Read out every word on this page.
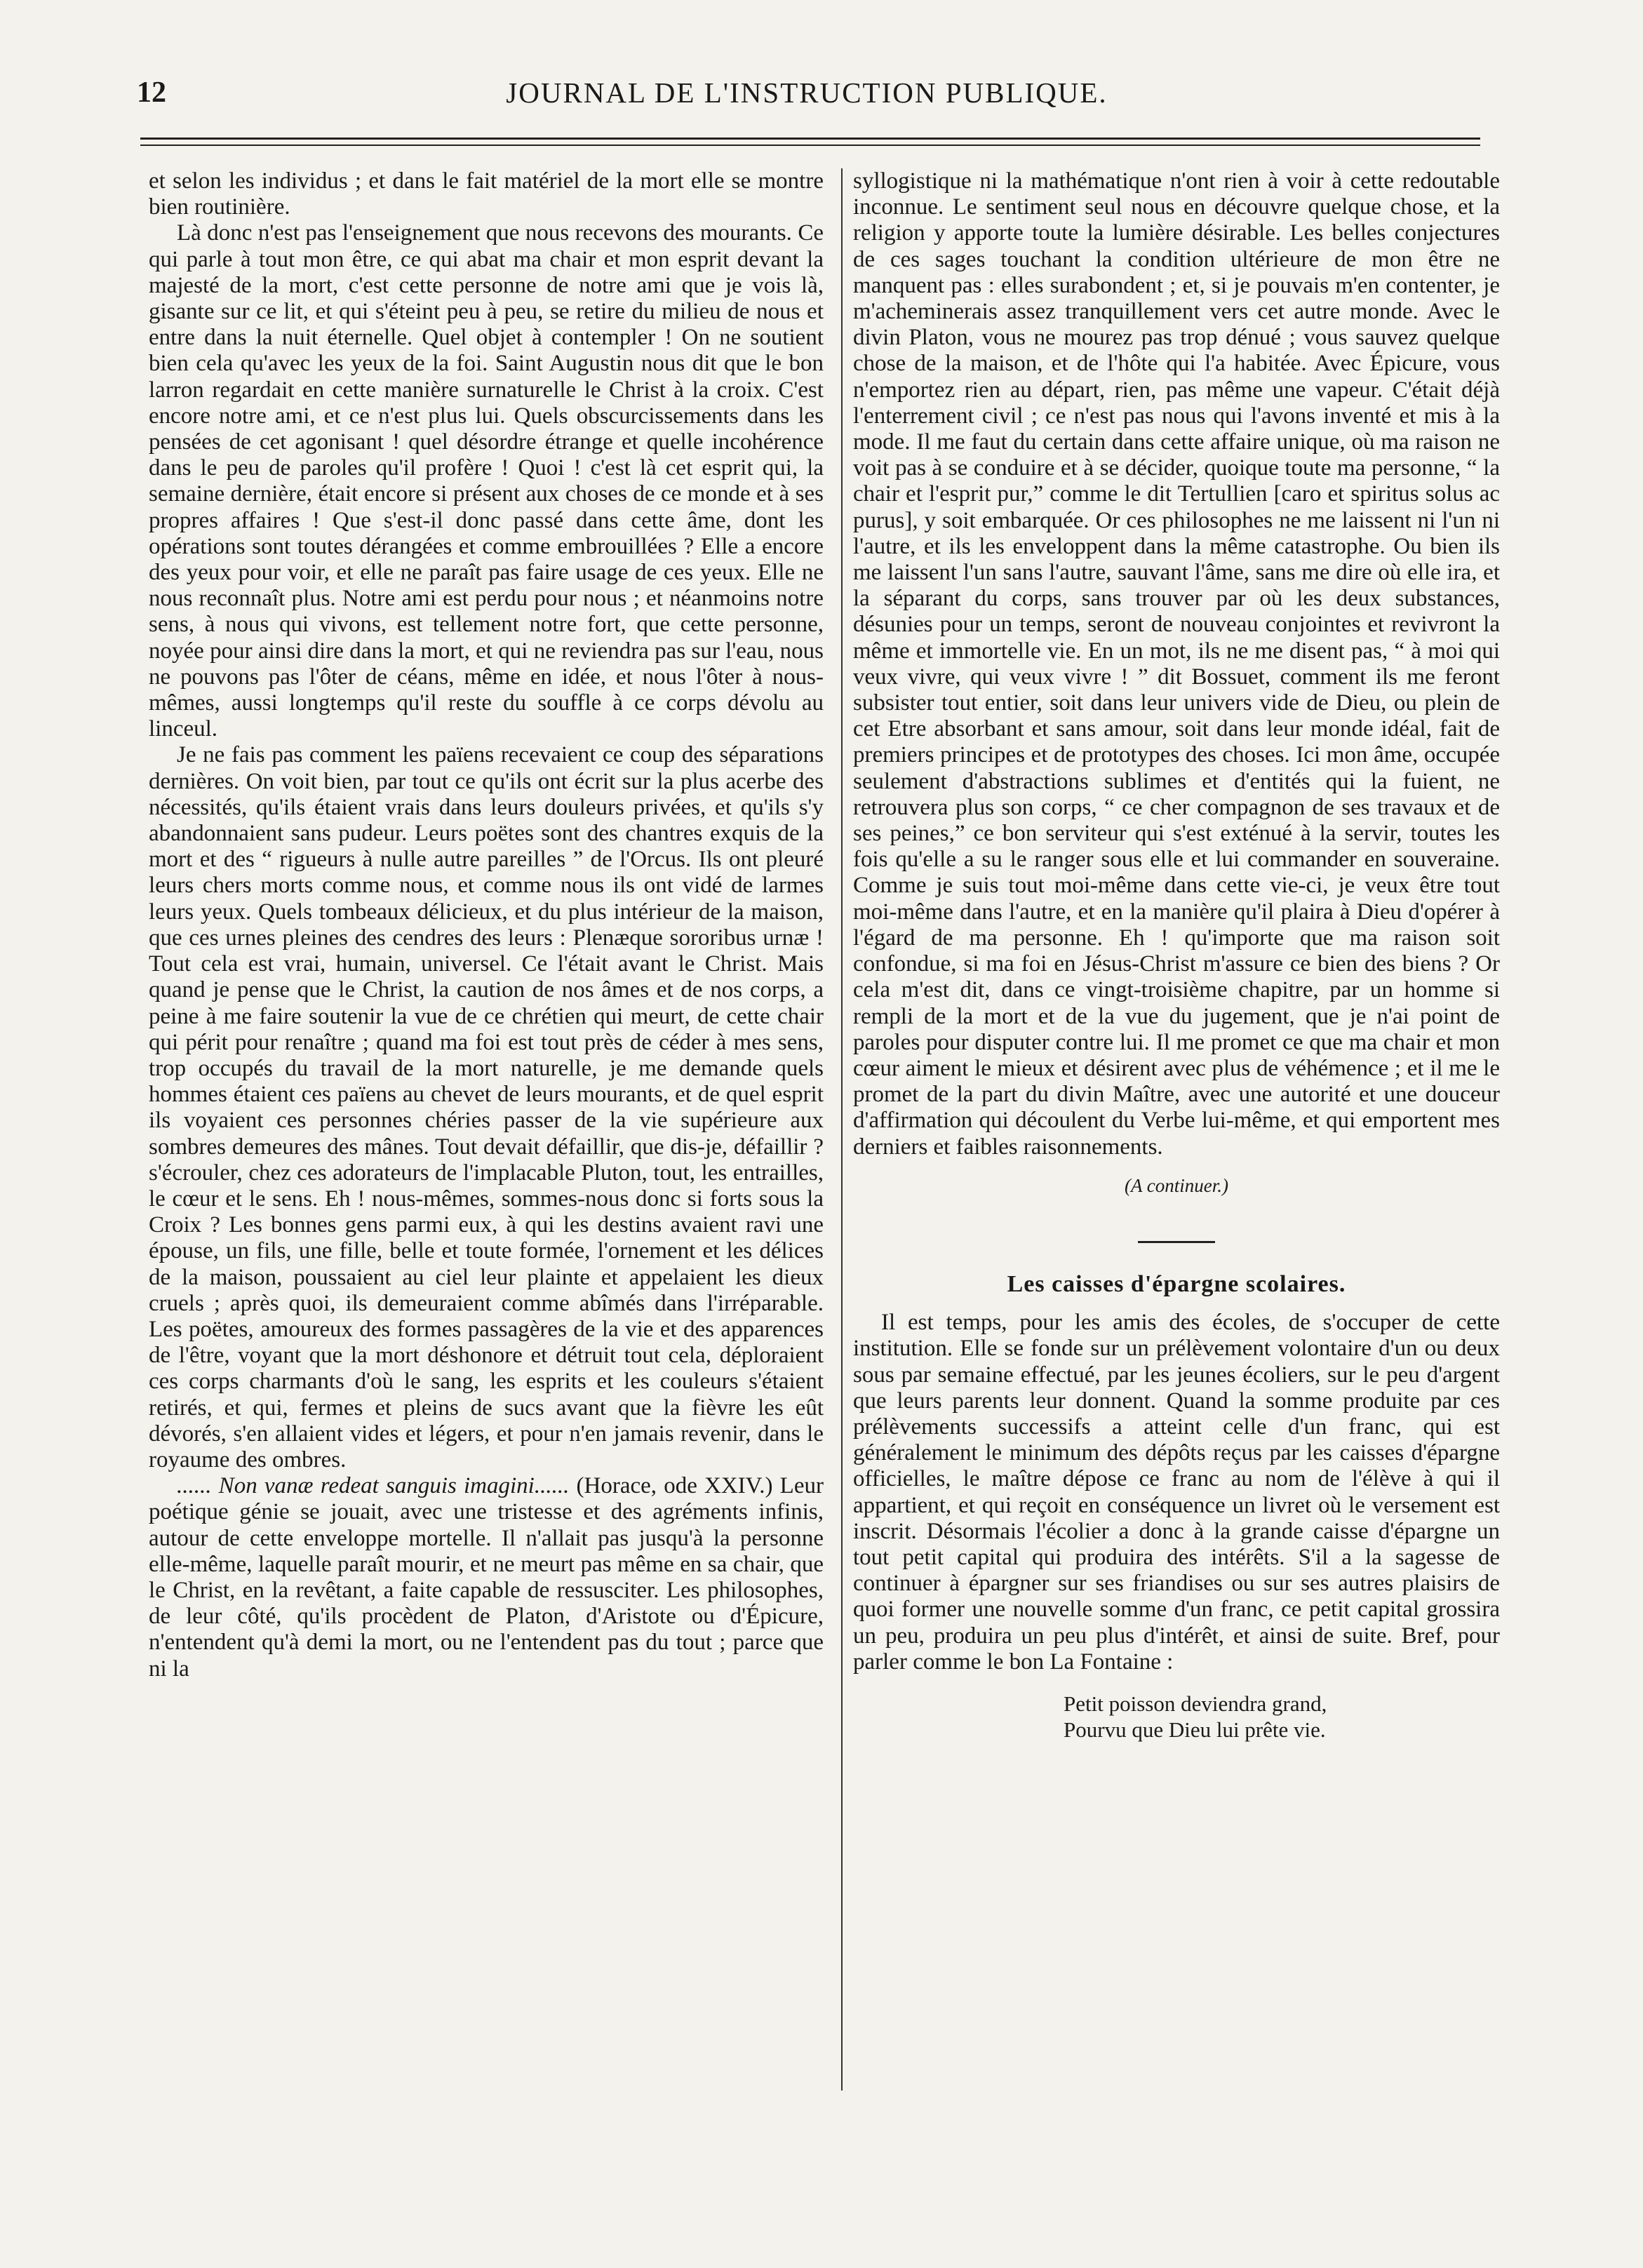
12	JOURNAL DE L'INSTRUCTION PUBLIQUE.

et selon les individus ; et dans le fait matériel de la mort elle se montre bien routinière.

Là donc n'est pas l'enseignement que nous recevons des mourants. Ce qui parle à tout mon être, ce qui abat ma chair et mon esprit devant la majesté de la mort, c'est cette personne de notre ami que je vois là, gisante sur ce lit, et qui s'éteint peu à peu, se retire du milieu de nous et entre dans la nuit éternelle. Quel objet à contempler ! On ne soutient bien cela qu'avec les yeux de la foi. Saint Augustin nous dit que le bon larron regardait en cette manière surnaturelle le Christ à la croix. C'est encore notre ami, et ce n'est plus lui. Quels obscurcissements dans les pensées de cet agonisant ! quel désordre étrange et quelle incohérence dans le peu de paroles qu'il profère ! Quoi ! c'est là cet esprit qui, la semaine dernière, était encore si présent aux choses de ce monde et à ses propres affaires ! Que s'est-il donc passé dans cette âme, dont les opérations sont toutes dérangées et comme embrouillées ? Elle a encore des yeux pour voir, et elle ne paraît pas faire usage de ces yeux. Elle ne nous reconnaît plus. Notre ami est perdu pour nous ; et néanmoins notre sens, à nous qui vivons, est tellement notre fort, que cette personne, noyée pour ainsi dire dans la mort, et qui ne reviendra pas sur l'eau, nous ne pouvons pas l'ôter de céans, même en idée, et nous l'ôter à nous-mêmes, aussi longtemps qu'il reste du souffle à ce corps dévolu au linceul.

Je ne fais pas comment les païens recevaient ce coup des séparations dernières. On voit bien, par tout ce qu'ils ont écrit sur la plus acerbe des nécessités, qu'ils étaient vrais dans leurs douleurs privées, et qu'ils s'y abandonnaient sans pudeur. Leurs poëtes sont des chantres exquis de la mort et des “ rigueurs à nulle autre pareilles ” de l'Orcus. Ils ont pleuré leurs chers morts comme nous, et comme nous ils ont vidé de larmes leurs yeux. Quels tombeaux délicieux, et du plus intérieur de la maison, que ces urnes pleines des cendres des leurs : Plenæque sororibus urnæ ! Tout cela est vrai, humain, universel. Ce l'était avant le Christ. Mais quand je pense que le Christ, la caution de nos âmes et de nos corps, a peine à me faire soutenir la vue de ce chrétien qui meurt, de cette chair qui périt pour renaître ; quand ma foi est tout près de céder à mes sens, trop occupés du travail de la mort naturelle, je me demande quels hommes étaient ces païens au chevet de leurs mourants, et de quel esprit ils voyaient ces personnes chéries passer de la vie supérieure aux sombres demeures des mânes. Tout devait défaillir, que dis-je, défaillir ? s'écrouler, chez ces adorateurs de l'implacable Pluton, tout, les entrailles, le cœur et le sens. Eh ! nous-mêmes, sommes-nous donc si forts sous la Croix ? Les bonnes gens parmi eux, à qui les destins avaient ravi une épouse, un fils, une fille, belle et toute formée, l'ornement et les délices de la maison, poussaient au ciel leur plainte et appelaient les dieux cruels ; après quoi, ils demeuraient comme abîmés dans l'irréparable. Les poëtes, amoureux des formes passagères de la vie et des apparences de l'être, voyant que la mort déshonore et détruit tout cela, déploraient ces corps charmants d'où le sang, les esprits et les couleurs s'étaient retirés, et qui, fermes et pleins de sucs avant que la fièvre les eût dévorés, s'en allaient vides et légers, et pour n'en jamais revenir, dans le royaume des ombres.

...... Non vanæ redeat sanguis imagini...... (Horace, ode XXIV.) Leur poétique génie se jouait, avec une tristesse et des agréments infinis, autour de cette enveloppe mortelle. Il n'allait pas jusqu'à la personne elle-même, laquelle paraît mourir, et ne meurt pas même en sa chair, que le Christ, en la revêtant, a faite capable de ressusciter. Les philosophes, de leur côté, qu'ils procèdent de Platon, d'Aristote ou d'Épicure, n'entendent qu'à demi la mort, ou ne l'entendent pas du tout ; parce que ni la

syllogistique ni la mathématique n'ont rien à voir à cette redoutable inconnue. Le sentiment seul nous en découvre quelque chose, et la religion y apporte toute la lumière désirable. Les belles conjectures de ces sages touchant la condition ultérieure de mon être ne manquent pas : elles surabondent ; et, si je pouvais m'en contenter, je m'acheminerais assez tranquillement vers cet autre monde. Avec le divin Platon, vous ne mourez pas trop dénué ; vous sauvez quelque chose de la maison, et de l'hôte qui l'a habitée. Avec Épicure, vous n'emportez rien au départ, rien, pas même une vapeur. C'était déjà l'enterrement civil ; ce n'est pas nous qui l'avons inventé et mis à la mode. Il me faut du certain dans cette affaire unique, où ma raison ne voit pas à se conduire et à se décider, quoique toute ma personne, “ la chair et l'esprit pur,” comme le dit Tertullien [caro et spiritus solus ac purus], y soit embarquée. Or ces philosophes ne me laissent ni l'un ni l'autre, et ils les enveloppent dans la même catastrophe. Ou bien ils me laissent l'un sans l'autre, sauvant l'âme, sans me dire où elle ira, et la séparant du corps, sans trouver par où les deux substances, désunies pour un temps, seront de nouveau conjointes et revivront la même et immortelle vie. En un mot, ils ne me disent pas, “ à moi qui veux vivre, qui veux vivre ! ” dit Bossuet, comment ils me feront subsister tout entier, soit dans leur univers vide de Dieu, ou plein de cet Etre absorbant et sans amour, soit dans leur monde idéal, fait de premiers principes et de prototypes des choses. Ici mon âme, occupée seulement d'abstractions sublimes et d'entités qui la fuient, ne retrouvera plus son corps, “ ce cher compagnon de ses travaux et de ses peines,” ce bon serviteur qui s'est exténué à la servir, toutes les fois qu'elle a su le ranger sous elle et lui commander en souveraine. Comme je suis tout moi-même dans cette vie-ci, je veux être tout moi-même dans l'autre, et en la manière qu'il plaira à Dieu d'opérer à l'égard de ma personne. Eh ! qu'importe que ma raison soit confondue, si ma foi en Jésus-Christ m'assure ce bien des biens ? Or cela m'est dit, dans ce vingt-troisième chapitre, par un homme si rempli de la mort et de la vue du jugement, que je n'ai point de paroles pour disputer contre lui. Il me promet ce que ma chair et mon cœur aiment le mieux et désirent avec plus de véhémence ; et il me le promet de la part du divin Maître, avec une autorité et une douceur d'affirmation qui découlent du Verbe lui-même, et qui emportent mes derniers et faibles raisonnements.

(A continuer.)
Les caisses d'épargne scolaires.

Il est temps, pour les amis des écoles, de s'occuper de cette institution. Elle se fonde sur un prélèvement volontaire d'un ou deux sous par semaine effectué, par les jeunes écoliers, sur le peu d'argent que leurs parents leur donnent. Quand la somme produite par ces prélèvements successifs a atteint celle d'un franc, qui est généralement le minimum des dépôts reçus par les caisses d'épargne officielles, le maître dépose ce franc au nom de l'élève à qui il appartient, et qui reçoit en conséquence un livret où le versement est inscrit. Désormais l'écolier a donc à la grande caisse d'épargne un tout petit capital qui produira des intérêts. S'il a la sagesse de continuer à épargner sur ses friandises ou sur ses autres plaisirs de quoi former une nouvelle somme d'un franc, ce petit capital grossira un peu, produira un peu plus d'intérêt, et ainsi de suite. Bref, pour parler comme le bon La Fontaine :

Petit poisson deviendra grand,
Pourvu que Dieu lui prête vie.
